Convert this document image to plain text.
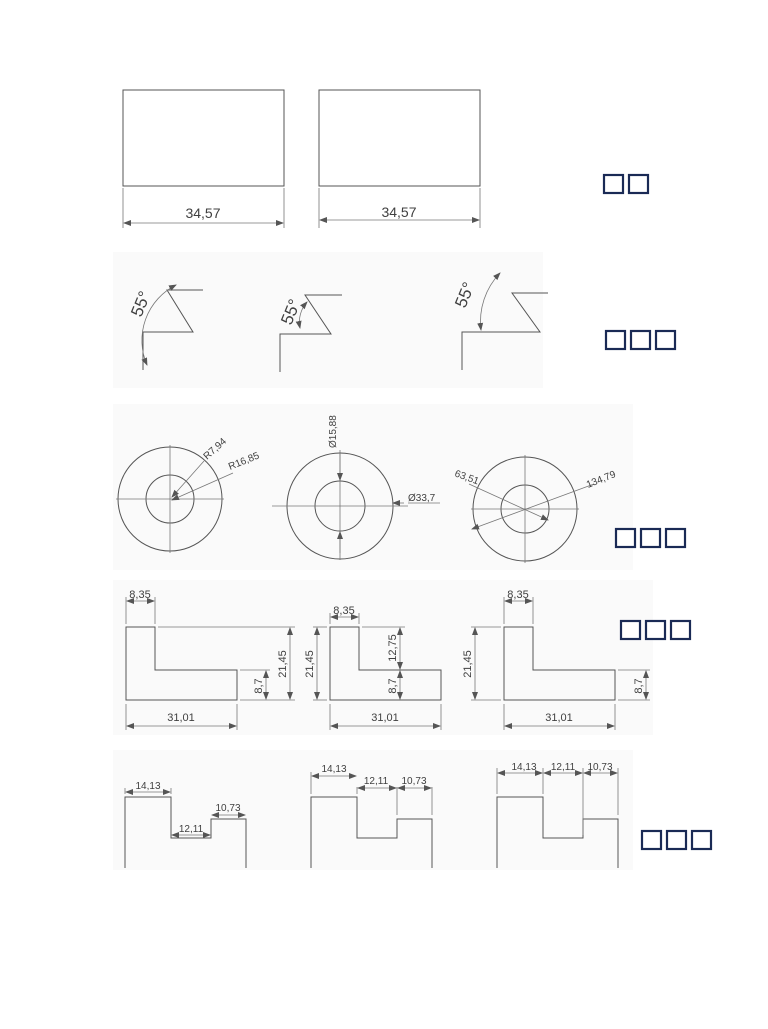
34,57	34,57
55°	55°
55°
R7,94
R16,85
Ø15,88
Ø33,7
63,51	134,79
8,35
31,01
21,45
8,7
8,35
31,01
21,45
12,75
8,7
8,35
31,01
21,45
8,7
14,13
12,11
10,73
14,13
12,11 10,73
14,13 12,11 10,73
